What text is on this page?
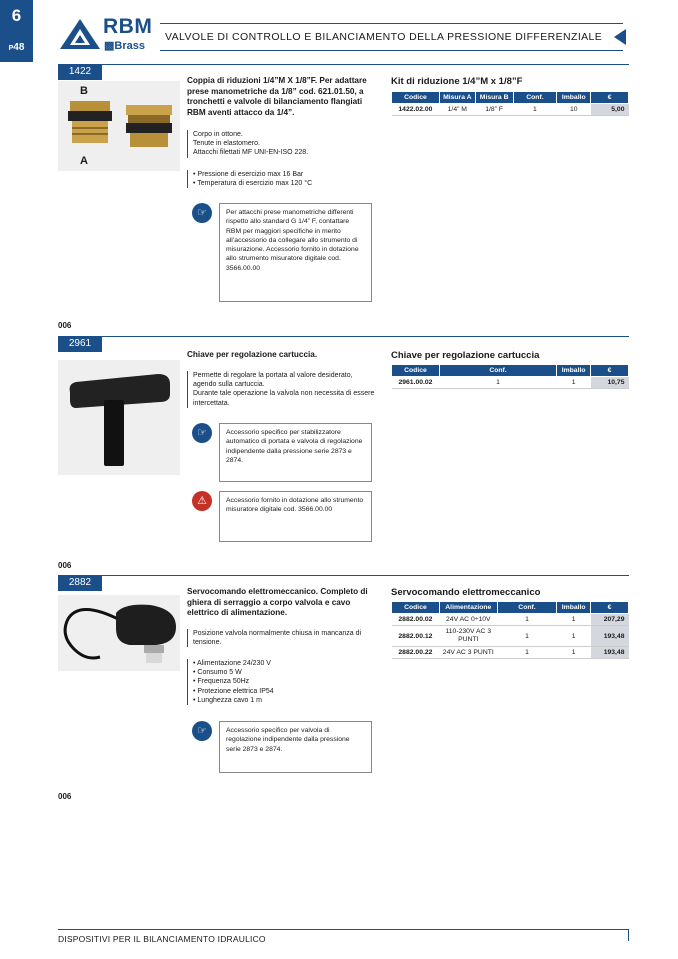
6
P48
RBM
▩Brass
VALVOLE DI CONTROLLO E BILANCIAMENTO DELLA PRESSIONE DIFFERENZIALE
1422
B
A
Coppia di riduzioni 1/4”M X 1/8”F. Per adattare prese manometriche da 1/8” cod. 621.01.50, a tronchetti e valvole di bilanciamento flangiati RBM aventi attacco da 1/4”.
Corpo in ottone.
Tenute in elastomero.
Attacchi filettati MF UNI-EN-ISO 228.
• Pressione di esercizio max 16 Bar
• Temperatura di esercizio max 120 °C
☞	Per attacchi prese manometriche differenti rispetto allo standard G 1/4” F, contattare RBM per maggiori specifiche in merito all’accessorio da collegare allo strumento di misurazione. Accessorio fornito in dotazione allo strumento misuratore digitale cod. 3566.00.00
Kit di riduzione 1/4”M x 1/8”F
Codice	Misura A	Misura B	Conf.	Imballo	€
1422.02.00	1/4” M	1/8” F	1	10	5,00
006
2961
Chiave per regolazione cartuccia.
Permette di regolare la portata al valore desiderato, agendo sulla cartuccia.
Durante tale operazione la valvola non necessita di essere intercettata.
☞	Accessorio specifico per stabilizzatore automatico di portata e valvola di regolazione indipendente dalla pressione serie 2873 e 2874.
⚠	Accessorio fornito in dotazione allo strumento misuratore digitale cod. 3566.00.00
Chiave per regolazione cartuccia
Codice	Conf.	Imballo	€
2961.00.02	1	1	10,75
006
2882
Servocomando elettromeccanico. Completo di ghiera di serraggio a corpo valvola e cavo elettrico di alimentazione.
Posizione valvola normalmente chiusa in mancanza di tensione.
• Alimentazione 24/230 V
• Consumo 5 W
• Frequenza 50Hz
• Protezione elettrica IP54
• Lunghezza cavo 1 m
☞	Accessorio specifico per valvola di regolazione indipendente dalla pressione serie 2873 e 2874.
Servocomando elettromeccanico
Codice	Alimentazione	Conf.	Imballo	€
2882.00.02	24V AC 0÷10V	1	1	207,29
2882.00.12	110-230V AC 3 PUNTI	1	1	193,48
2882.00.22	24V AC 3 PUNTI	1	1	193,48
006
DISPOSITIVI PER IL BILANCIAMENTO IDRAULICO
